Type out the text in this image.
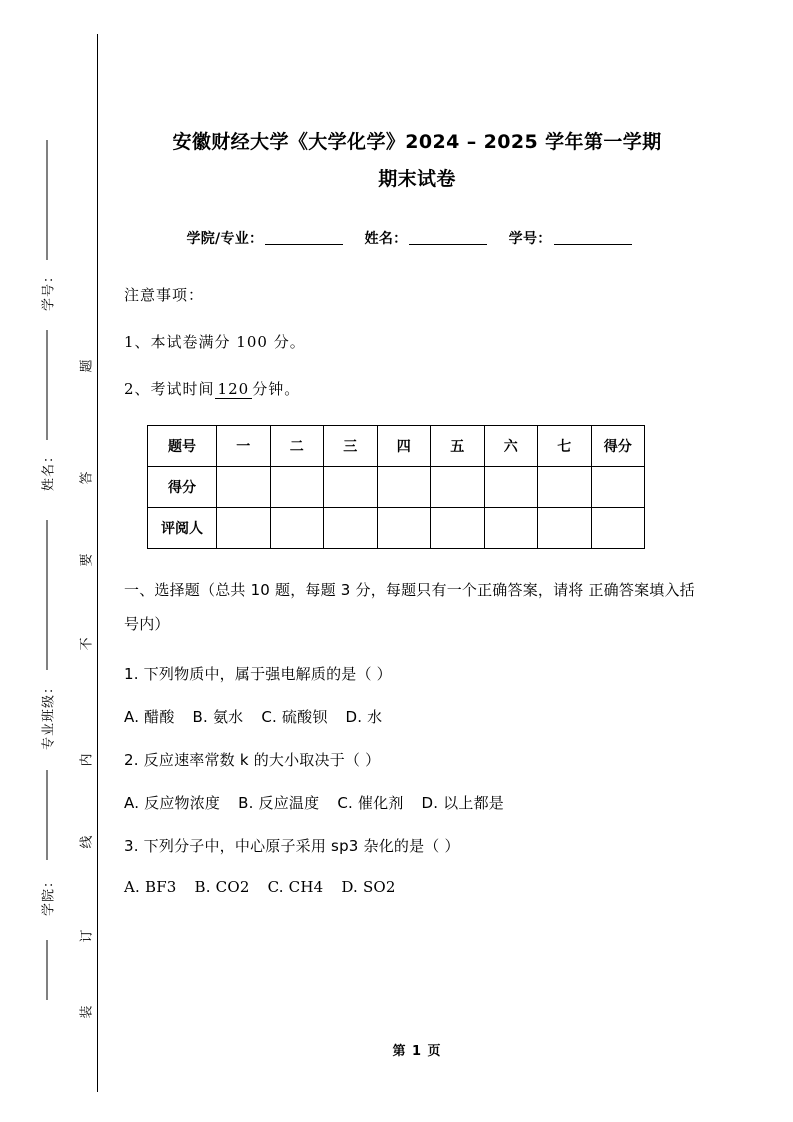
学号：
姓名：
专业班级：
学院：
题
答
要
不
内
线
订
装
安徽财经大学《大学化学》2024 – 2025 学年第一学期
期末试卷
学院/专业：	姓名：	学号：
注意事项：
1、本试卷满分 100 分。
2、考试时间 120 分钟。
题号	一	二	三	四	五	六	七	得分
得分								
评阅人								
一、选择题（总共 10 题，每题 3 分，每题只有一个正确答案，请将 正确答案填入括号内）
1. 下列物质中，属于强电解质的是（ ）
A. 醋酸 B. 氨水 C. 硫酸钡 D. 水
2. 反应速率常数 k 的大小取决于（ ）
A. 反应物浓度 B. 反应温度 C. 催化剂 D. 以上都是
3. 下列分子中，中心原子采用 sp3 杂化的是（ ）
A. BF3 B. CO2 C. CH4 D. SO2
第 1 页
